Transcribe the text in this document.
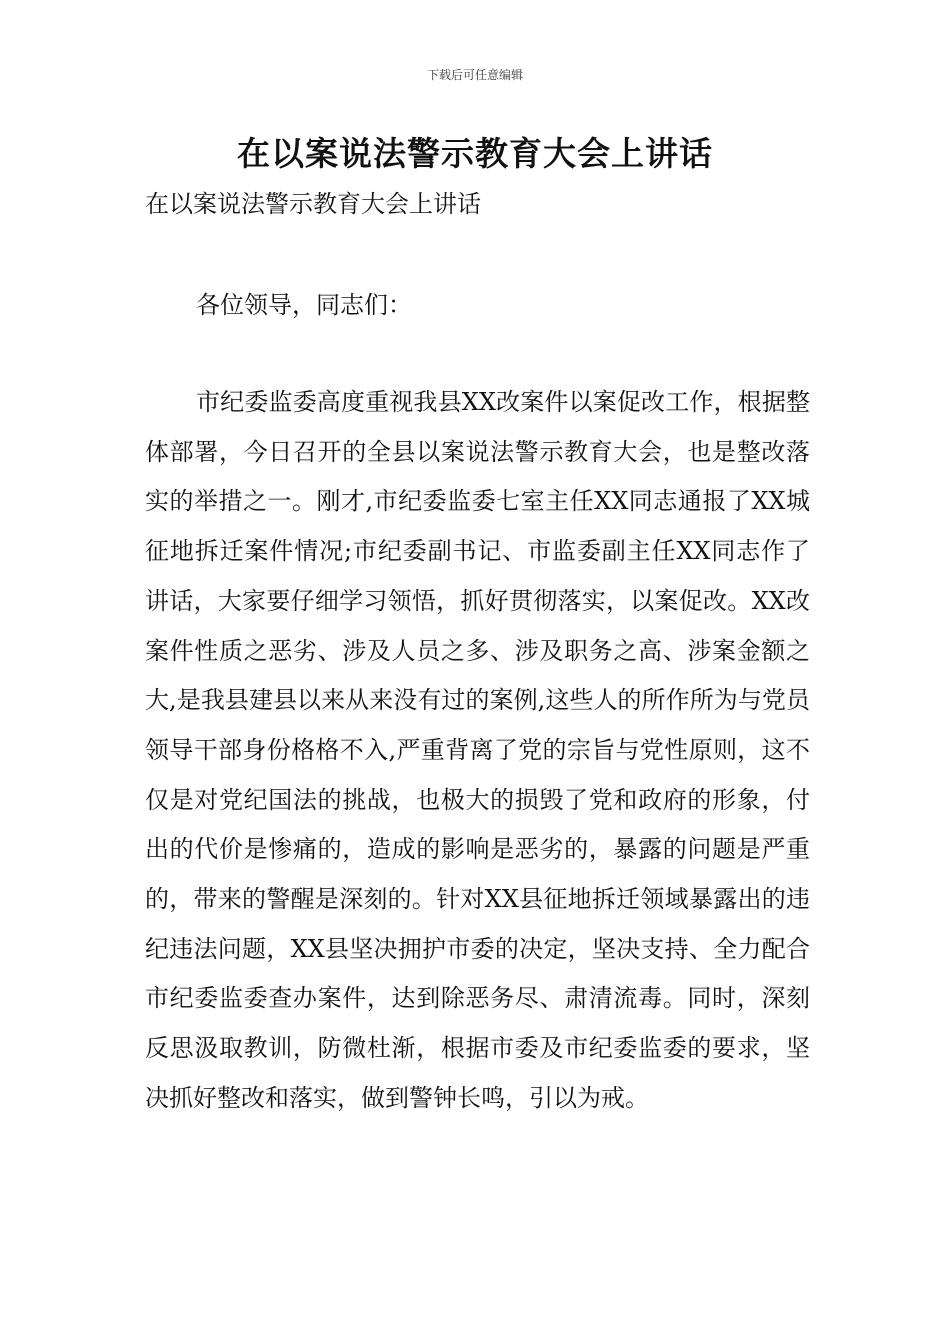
下载后可任意编辑
在以案说法警示教育大会上讲话
在以案说法警示教育大会上讲话
各位领导，同志们：

市纪委监委高度重视我县XX改案件以案促改工作，根据整体部署，今日召开的全县以案说法警示教育大会，也是整改落实的举措之一。刚才,市纪委监委七室主任XX同志通报了XX城征地拆迁案件情况;市纪委副书记、市监委副主任XX同志作了讲话，大家要仔细学习领悟，抓好贯彻落实，以案促改。XX改案件性质之恶劣、涉及人员之多、涉及职务之高、涉案金额之大,是我县建县以来从来没有过的案例,这些人的所作所为与党员领导干部身份格格不入,严重背离了党的宗旨与党性原则，这不仅是对党纪国法的挑战，也极大的损毁了党和政府的形象，付出的代价是惨痛的，造成的影响是恶劣的，暴露的问题是严重的，带来的警醒是深刻的。针对XX县征地拆迁领域暴露出的违纪违法问题，XX县坚决拥护市委的决定，坚决支持、全力配合市纪委监委查办案件，达到除恶务尽、肃清流毒。同时，深刻反思汲取教训，防微杜渐，根据市委及市纪委监委的要求，坚决抓好整改和落实，做到警钟长鸣，引以为戒。
